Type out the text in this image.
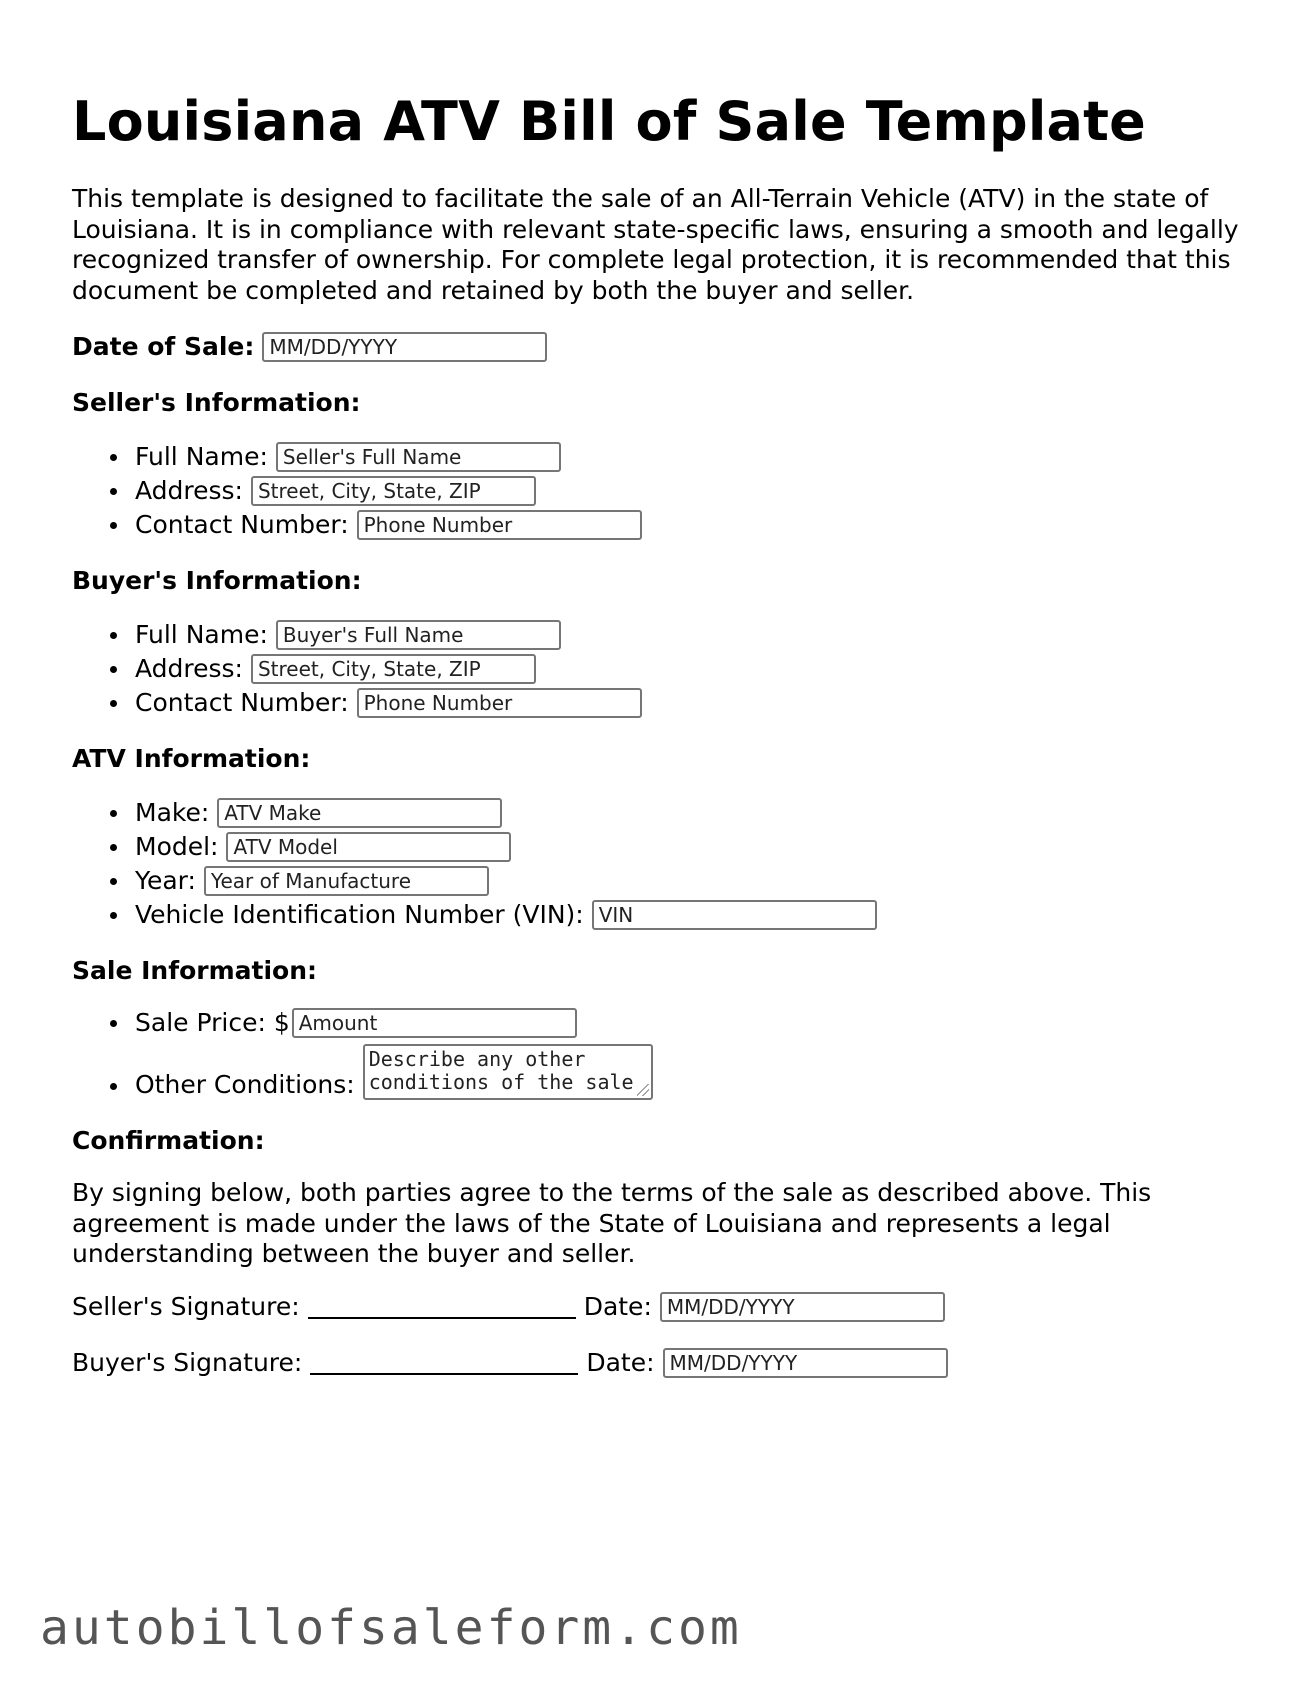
Louisiana ATV Bill of Sale Template

This template is designed to facilitate the sale of an All-Terrain Vehicle (ATV) in the state of Louisiana. It is in compliance with relevant state-specific laws, ensuring a smooth and legally recognized transfer of ownership. For complete legal protection, it is recommended that this document be completed and retained by both the buyer and seller.

Date of Sale: MM/DD/YYYY
Seller's Information:
Full Name: Seller's Full Name
Address: Street, City, State, ZIP
Contact Number: Phone Number
Buyer's Information:
Full Name: Buyer's Full Name
Address: Street, City, State, ZIP
Contact Number: Phone Number
ATV Information:
Make: ATV Make
Model: ATV Model
Year: Year of Manufacture
Vehicle Identification Number (VIN): VIN
Sale Information:
Sale Price: $ Amount
Other Conditions:
Describe any other conditions of the sale
Confirmation:

By signing below, both parties agree to the terms of the sale as described above. This agreement is made under the laws of the State of Louisiana and represents a legal understanding between the buyer and seller.

Seller's Signature:	Date: MM/DD/YYYY
Buyer's Signature:	Date: MM/DD/YYYY
autobillofsaleform.com
